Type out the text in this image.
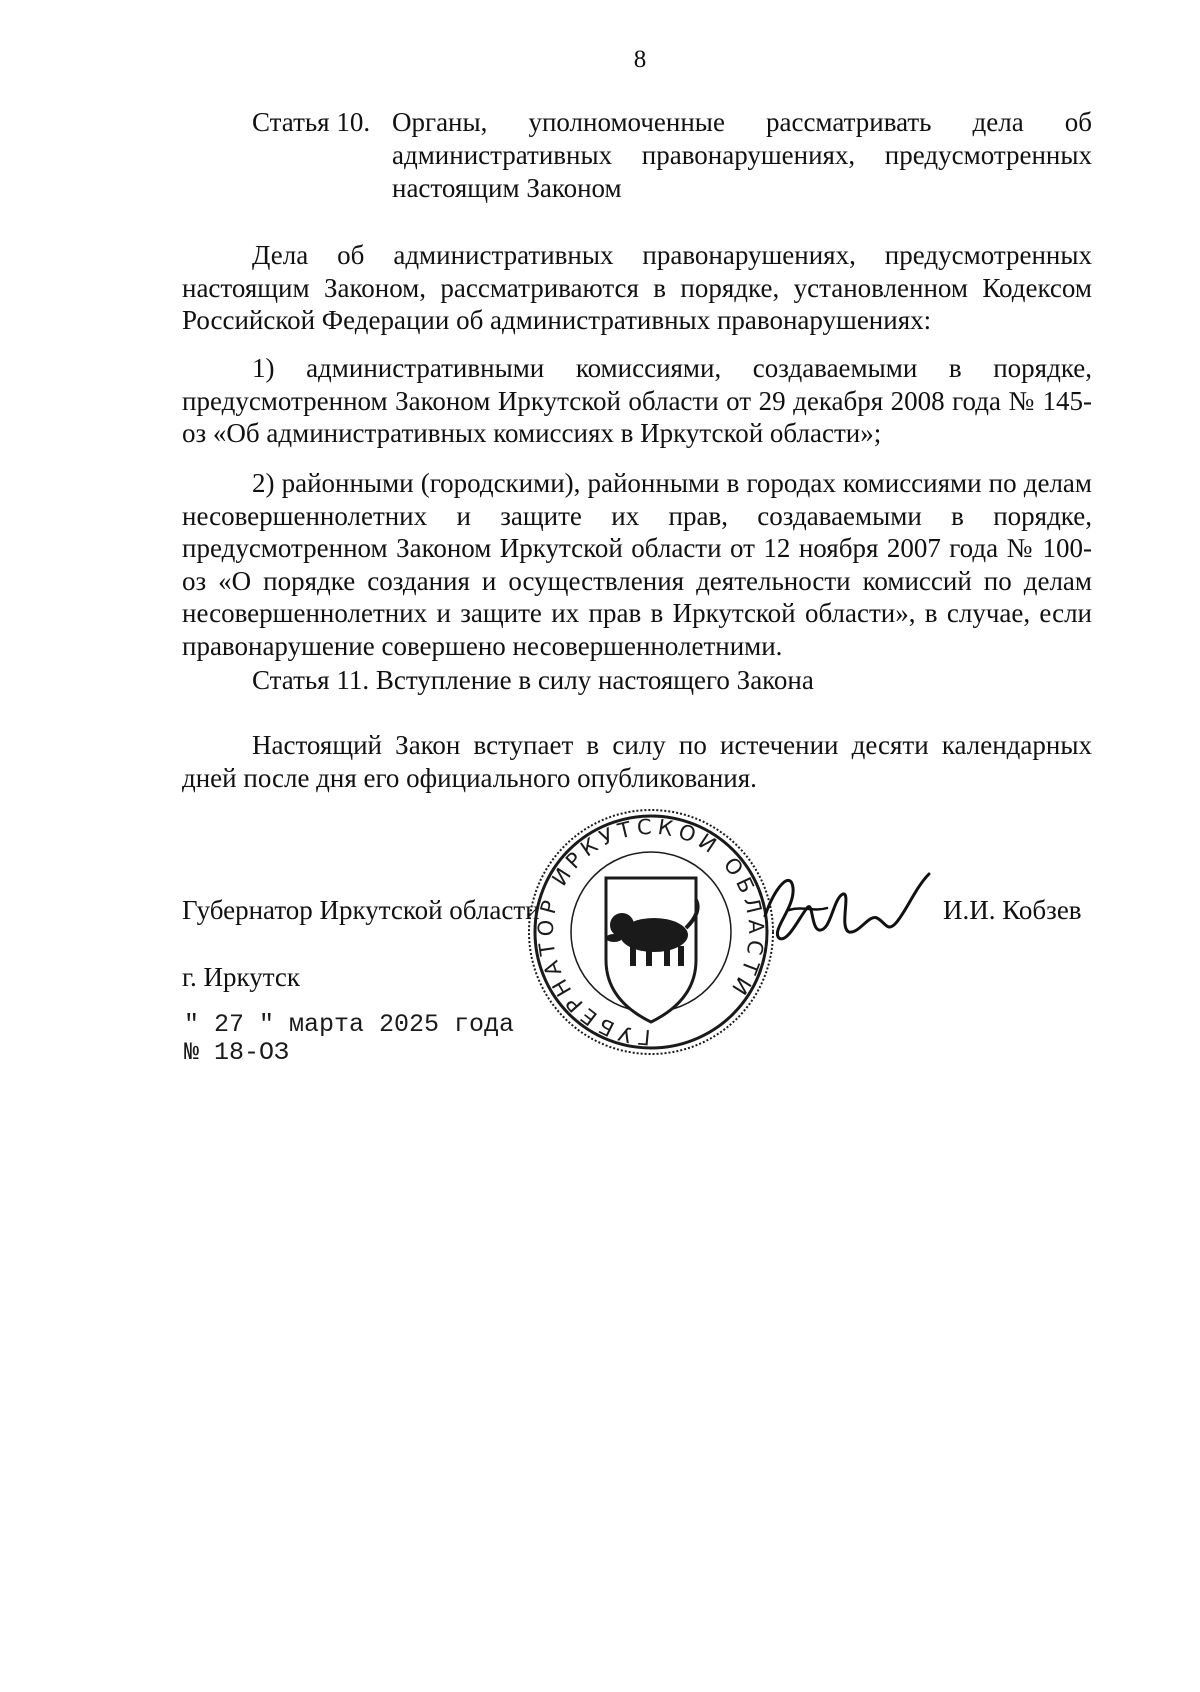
8
Статья 10. Органы, уполномоченные рассматривать дела об административных правонарушениях, предусмотренных настоящим Законом
Дела об административных правонарушениях, предусмотренных настоящим Законом, рассматриваются в порядке, установленном Кодексом Российской Федерации об административных правонарушениях:
1) административными комиссиями, создаваемыми в порядке, предусмотренном Законом Иркутской области от 29 декабря 2008 года № 145-оз «Об административных комиссиях в Иркутской области»;
2) районными (городскими), районными в городах комиссиями по делам несовершеннолетних и защите их прав, создаваемыми в порядке, предусмотренном Законом Иркутской области от 12 ноября 2007 года № 100-оз «О порядке создания и осуществления деятельности комиссий по делам несовершеннолетних и защите их прав в Иркутской области», в случае, если правонарушение совершено несовершеннолетними.
Статья 11. Вступление в силу настоящего Закона
Настоящий Закон вступает в силу по истечении десяти календарных дней после дня его официального опубликования.
Губернатор Иркутской области
ГУБЕРНАТОР ИРКУТСКОЙ ОБЛАСТИ
И.И. Кобзев
г. Иркутск
" 27 " марта 2025 года
№ 18-ОЗ
